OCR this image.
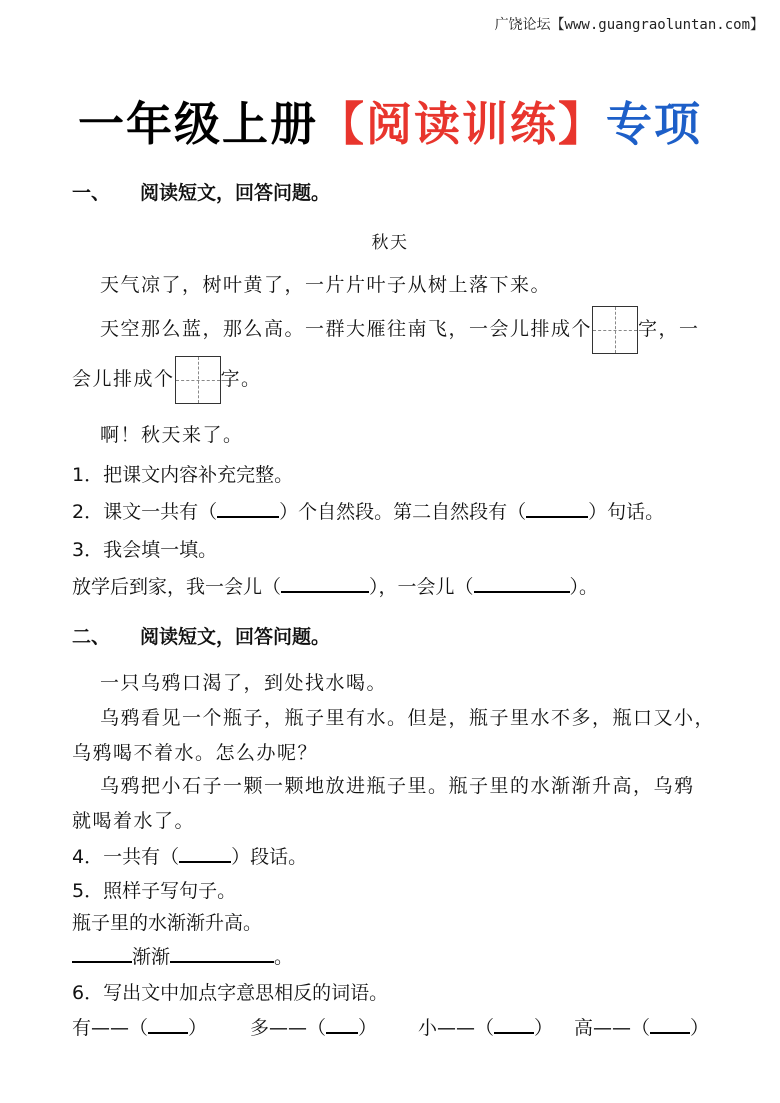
广饶论坛【www.guangraoluntan.com】
一年级上册【阅读训练】专项
一、 阅读短文，回答问题。
秋天
天气凉了，树叶黄了，一片片叶子从树上落下来。
天空那么蓝，那么高。一群大雁往南飞，一会儿排成个 字，一
会儿排成个 字。
啊！秋天来了。
1．把课文内容补充完整。
2．课文一共有（	）个自然段。第二自然段有（	）句话。
3．我会填一填。
放学后到家，我一会儿（	），一会儿（	）。
二、 阅读短文，回答问题。
一只乌鸦口渴了，到处找水喝。
乌鸦看见一个瓶子，瓶子里有水。但是，瓶子里水不多，瓶口又小，
乌鸦喝不着水。怎么办呢？
乌鸦把小石子一颗一颗地放进瓶子里。瓶子里的水渐渐升高，乌鸦
就喝着水了。
4．一共有（	）段话。
5．照样子写句子。
瓶子里的水渐渐升高。
渐渐	。
6．写出文中加点字意思相反的词语。
有——（ ） 多——（ ） 小——（ ） 高——（ ）
